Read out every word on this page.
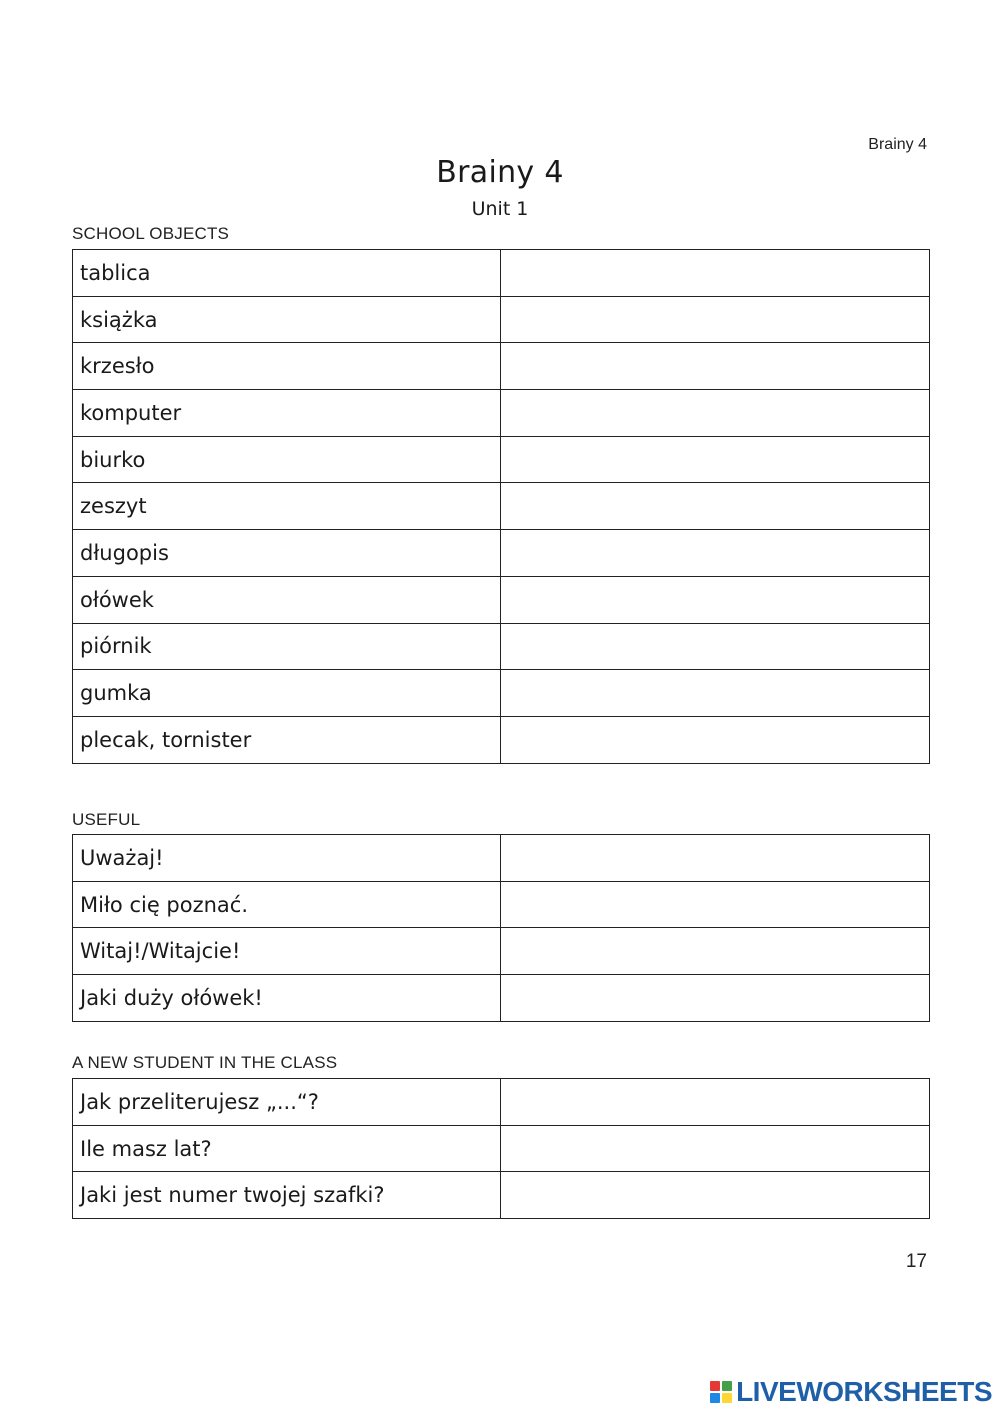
Brainy 4
Brainy 4
Unit 1
SCHOOL OBJECTS
tablica	
książka	
krzesło	
komputer	
biurko	
zeszyt	
długopis	
ołówek	
piórnik	
gumka	
plecak, tornister	
USEFUL
Uważaj!	
Miło cię poznać.	
Witaj!/Witajcie!	
Jaki duży ołówek!	
A NEW STUDENT IN THE CLASS
Jak przeliterujesz „...“?	
Ile masz lat?	
Jaki jest numer twojej szafki?	
17
LIVEWORKSHEETS
